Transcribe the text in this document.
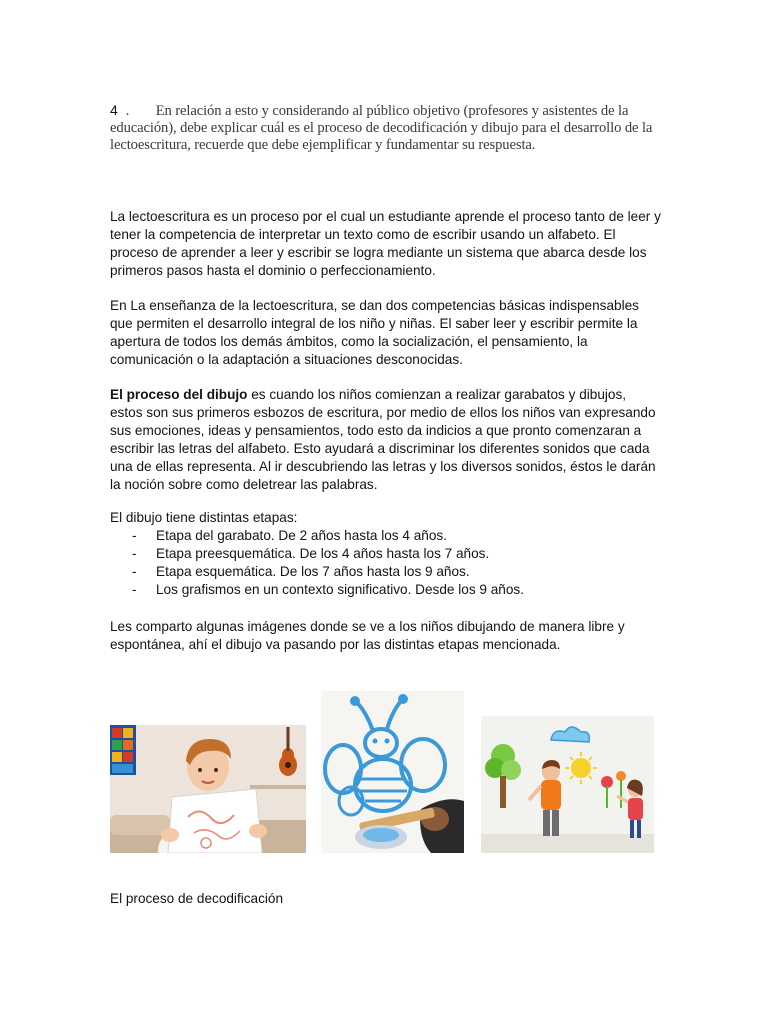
4 . En relación a esto y considerando al público objetivo (profesores y asistentes de la educación), debe explicar cuál es el proceso de decodificación y dibujo para el desarrollo de la lectoescritura, recuerde que debe ejemplificar y fundamentar su respuesta.

La lectoescritura es un proceso por el cual un estudiante aprende el proceso tanto de leer y tener la competencia de interpretar un texto como de escribir usando un alfabeto. El proceso de aprender a leer y escribir se logra mediante un sistema que abarca desde los primeros pasos hasta el dominio o perfeccionamiento.

En La enseñanza de la lectoescritura, se dan dos competencias básicas indispensables que permiten el desarrollo integral de los niño y niñas. El saber leer y escribir permite la apertura de todos los demás ámbitos, como la socialización, el pensamiento, la comunicación o la adaptación a situaciones desconocidas.

El proceso del dibujo es cuando los niños comienzan a realizar garabatos y dibujos, estos son sus primeros esbozos de escritura, por medio de ellos los niños van expresando sus emociones, ideas y pensamientos, todo esto da indicios a que pronto comenzaran a escribir las letras del alfabeto. Esto ayudará a discriminar los diferentes sonidos que cada una de ellas representa. Al ir descubriendo las letras y los diversos sonidos, éstos le darán la noción sobre como deletrear las palabras.

El dibujo tiene distintas etapas:

- Etapa del garabato. De 2 años hasta los 4 años.
- Etapa preesquemática. De los 4 años hasta los 7 años.
- Etapa esquemática. De los 7 años hasta los 9 años.
- Los grafismos en un contexto significativo. Desde los 9 años.

Les comparto algunas imágenes donde se ve a los niños dibujando de manera libre y espontánea, ahí el dibujo va pasando por las distintas etapas mencionada.

El proceso de decodificación
